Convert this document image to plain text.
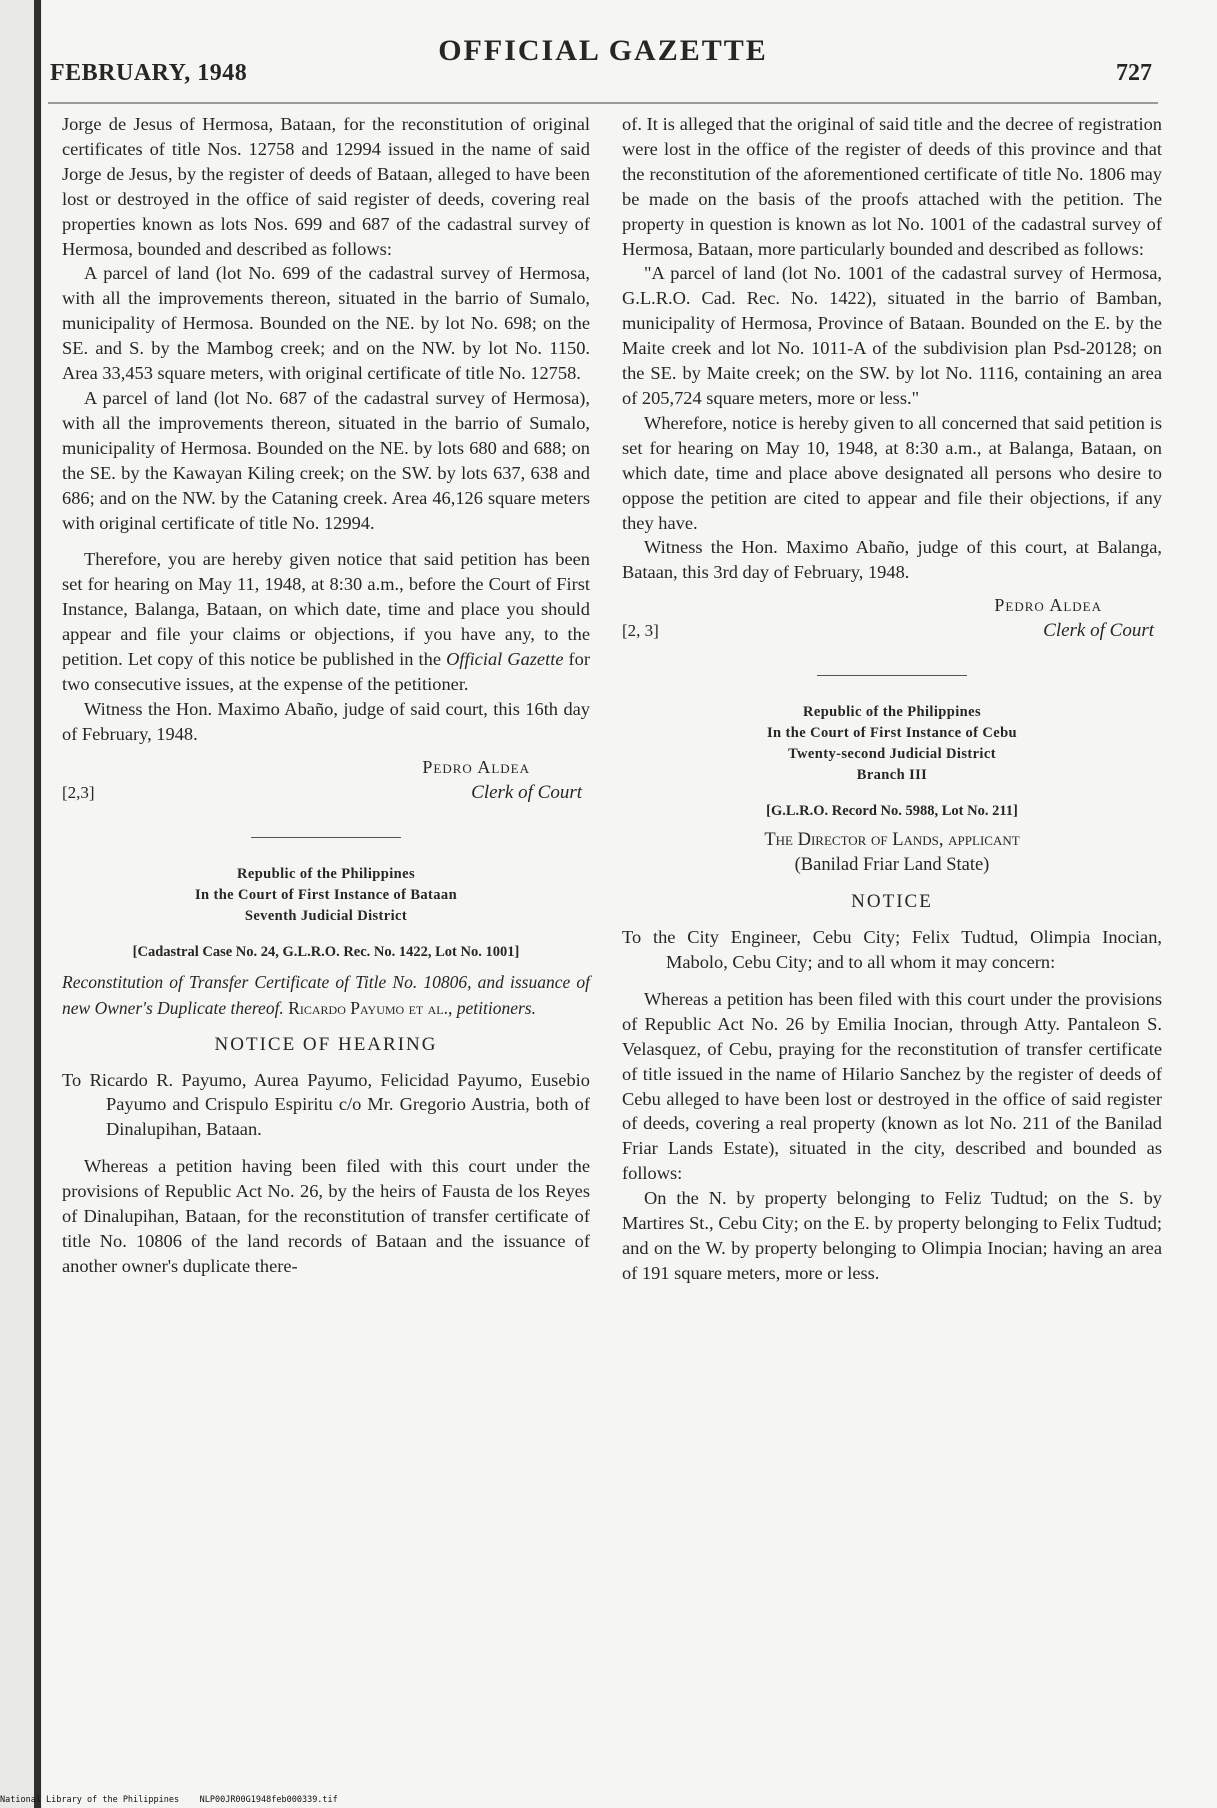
FEBRUARY, 1948
OFFICIAL GAZETTE
727

Jorge de Jesus of Hermosa, Bataan, for the reconstitution of original certificates of title Nos. 12758 and 12994 issued in the name of said Jorge de Jesus, by the register of deeds of Bataan, alleged to have been lost or destroyed in the office of said register of deeds, covering real properties known as lots Nos. 699 and 687 of the cadastral survey of Hermosa, bounded and described as follows:

A parcel of land (lot No. 699 of the cadastral survey of Hermosa, with all the improvements thereon, situated in the barrio of Sumalo, municipality of Hermosa. Bounded on the NE. by lot No. 698; on the SE. and S. by the Mambog creek; and on the NW. by lot No. 1150. Area 33,453 square meters, with original certificate of title No. 12758.

A parcel of land (lot No. 687 of the cadastral survey of Hermosa), with all the improvements thereon, situated in the barrio of Sumalo, municipality of Hermosa. Bounded on the NE. by lots 680 and 688; on the SE. by the Kawayan Kiling creek; on the SW. by lots 637, 638 and 686; and on the NW. by the Cataning creek. Area 46,126 square meters with original certificate of title No. 12994.

Therefore, you are hereby given notice that said petition has been set for hearing on May 11, 1948, at 8:30 a.m., before the Court of First Instance, Balanga, Bataan, on which date, time and place you should appear and file your claims or objections, if you have any, to the petition. Let copy of this notice be published in the Official Gazette for two consecutive issues, at the expense of the petitioner.

Witness the Hon. Maximo Abaño, judge of said court, this 16th day of February, 1948.

Pedro Aldea
Clerk of Court
[2,3]
Republic of the Philippines
In the Court of First Instance of Bataan
Seventh Judicial District
[Cadastral Case No. 24, G.L.R.O. Rec. No. 1422, Lot No. 1001]

Reconstitution of Transfer Certificate of Title No. 10806, and issuance of new Owner's Duplicate thereof. Ricardo Payumo et al., petitioners.

NOTICE OF HEARING

To Ricardo R. Payumo, Aurea Payumo, Felicidad Payumo, Eusebio Payumo and Crispulo Espiritu c/o Mr. Gregorio Austria, both of Dinalupihan, Bataan.

Whereas a petition having been filed with this court under the provisions of Republic Act No. 26, by the heirs of Fausta de los Reyes of Dinalupihan, Bataan, for the reconstitution of transfer certificate of title No. 10806 of the land records of Bataan and the issuance of another owner's duplicate there-

of. It is alleged that the original of said title and the decree of registration were lost in the office of the register of deeds of this province and that the reconstitution of the aforementioned certificate of title No. 1806 may be made on the basis of the proofs attached with the petition. The property in question is known as lot No. 1001 of the cadastral survey of Hermosa, Bataan, more particularly bounded and described as follows:

"A parcel of land (lot No. 1001 of the cadastral survey of Hermosa, G.L.R.O. Cad. Rec. No. 1422), situated in the barrio of Bamban, municipality of Hermosa, Province of Bataan. Bounded on the E. by the Maite creek and lot No. 1011-A of the subdivision plan Psd-20128; on the SE. by Maite creek; on the SW. by lot No. 1116, containing an area of 205,724 square meters, more or less."

Wherefore, notice is hereby given to all concerned that said petition is set for hearing on May 10, 1948, at 8:30 a.m., at Balanga, Bataan, on which date, time and place above designated all persons who desire to oppose the petition are cited to appear and file their objections, if any they have.

Witness the Hon. Maximo Abaño, judge of this court, at Balanga, Bataan, this 3rd day of February, 1948.

Pedro Aldea
Clerk of Court
[2, 3]
Republic of the Philippines
In the Court of First Instance of Cebu
Twenty-second Judicial District
Branch III
[G.L.R.O. Record No. 5988, Lot No. 211]
The Director of Lands, applicant
(Banilad Friar Land State)
NOTICE

To the City Engineer, Cebu City; Felix Tudtud, Olimpia Inocian, Mabolo, Cebu City; and to all whom it may concern:

Whereas a petition has been filed with this court under the provisions of Republic Act No. 26 by Emilia Inocian, through Atty. Pantaleon S. Velasquez, of Cebu, praying for the reconstitution of transfer certificate of title issued in the name of Hilario Sanchez by the register of deeds of Cebu alleged to have been lost or destroyed in the office of said register of deeds, covering a real property (known as lot No. 211 of the Banilad Friar Lands Estate), situated in the city, described and bounded as follows:

On the N. by property belonging to Feliz Tudtud; on the S. by Martires St., Cebu City; on the E. by property belonging to Felix Tudtud; and on the W. by property belonging to Olimpia Inocian; having an area of 191 square meters, more or less.

National Library of the Philippines NLP00JR00G1948feb000339.tif
